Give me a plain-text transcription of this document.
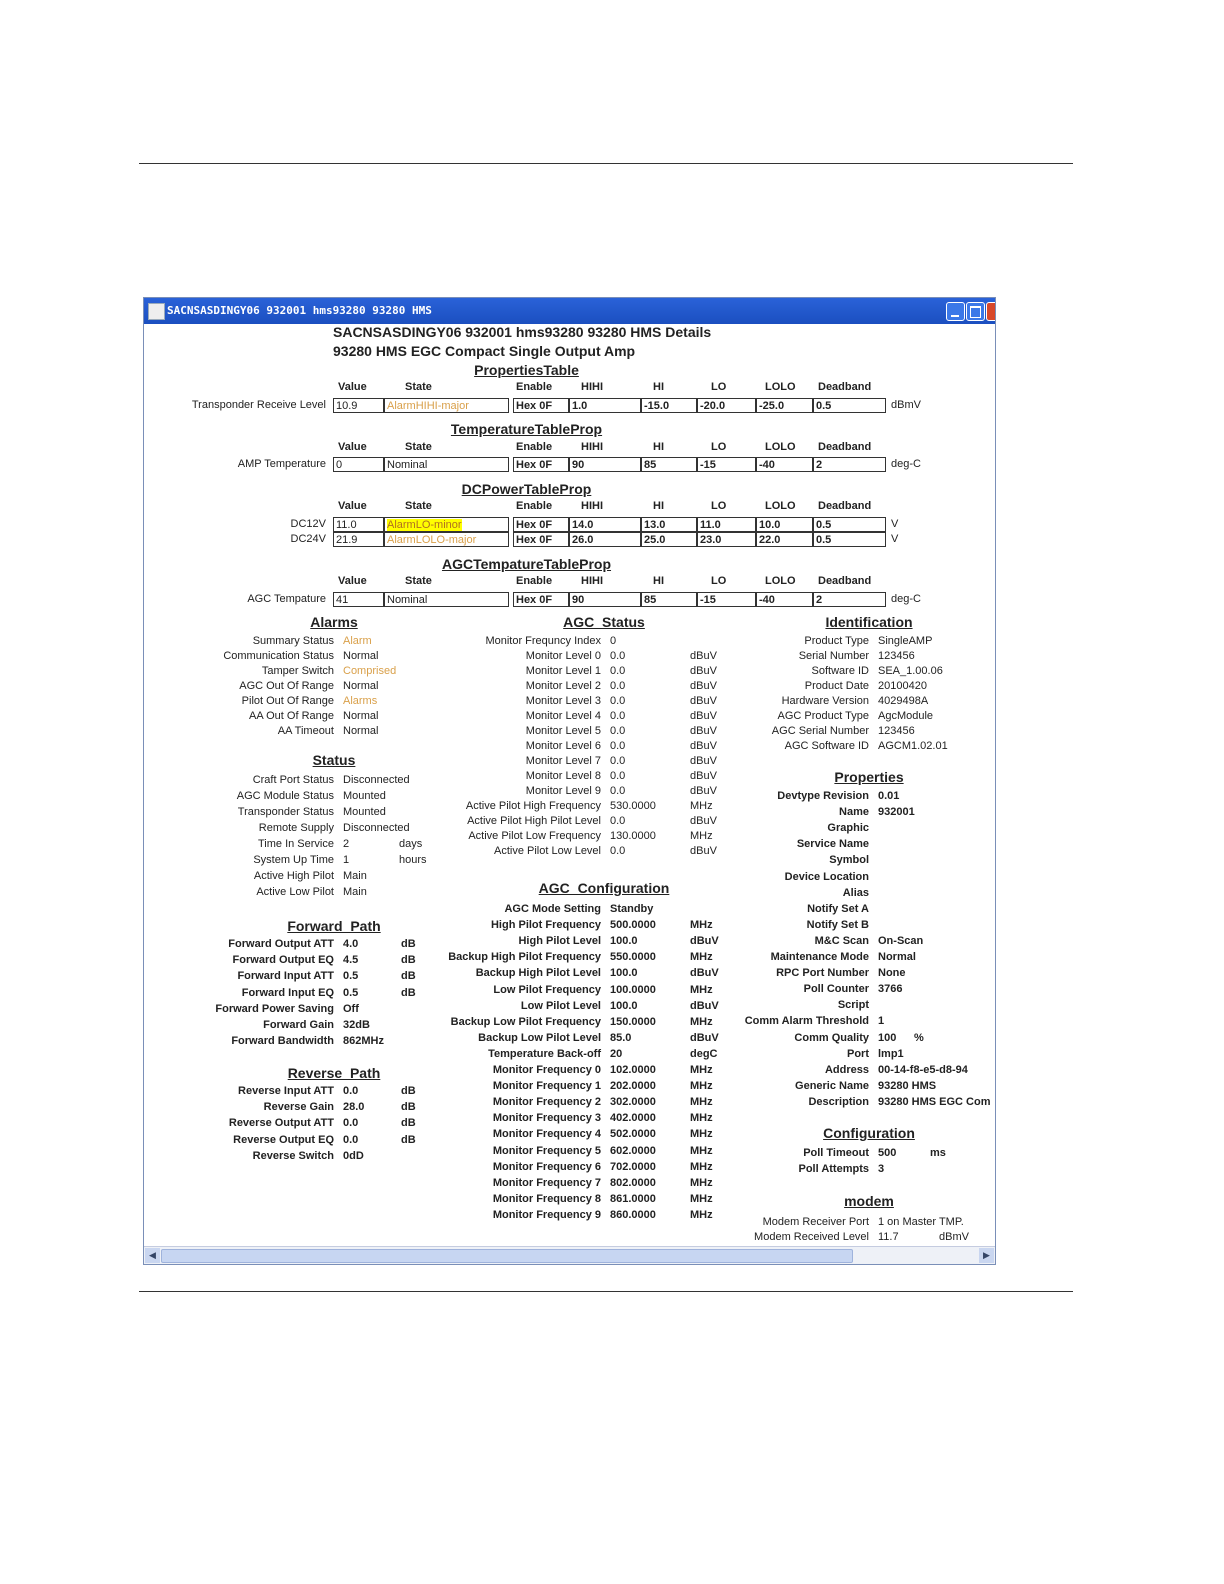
SACNSASDINGY06 932001 hms93280 93280 HMS
SACNSASDINGY06 932001 hms93280 93280 HMS Details
93280 HMS EGC Compact Single Output Amp
PropertiesTable
Value	State	Enable	HIHI	HI	LO	LOLO Deadband
Transponder Receive Level 10.9	AlarmHIHI-major	Hex 0F	1.0	-15.0	-20.0	-25.0	0.5	dBmV
TemperatureTableProp
Value	State	Enable	HIHI	HI	LO	LOLO Deadband
AMP Temperature 0	Nominal	Hex 0F	90	85	-15	-40	2	deg-C
DCPowerTableProp
Value	State	Enable	HIHI	HI	LO	LOLO Deadband
DC12V 11.0	AlarmLO-minor	Hex 0F	14.0	13.0	11.0	10.0	0.5	V
DC24V 21.9	AlarmLOLO-major	Hex 0F	26.0	25.0	23.0	22.0	0.5	V
AGCTempatureTableProp
Value	State	Enable	HIHI	HI	LO	LOLO Deadband
AGC Tempature 41	Nominal	Hex 0F	90	85	-15	-40	2	deg-C
Alarms
Summary Status Alarm
Communication Status Normal
Tamper Switch Comprised
AGC Out Of Range Normal
Pilot Out Of Range Alarms
AA Out Of Range Normal
AA Timeout Normal
Status
Craft Port Status Disconnected
AGC Module Status Mounted
Transponder Status Mounted
Remote Supply Disconnected
Time In Service 2	days
System Up Time 1	hours
Active High Pilot Main
Active Low Pilot Main
Forward_Path
Forward Output ATT 4.0	dB
Forward Output EQ 4.5	dB
Forward Input ATT 0.5	dB
Forward Input EQ 0.5	dB
Forward Power Saving Off
Forward Gain 32dB
Forward Bandwidth 862MHz
Reverse_Path
Reverse Input ATT 0.0	dB
Reverse Gain 28.0	dB
Reverse Output ATT 0.0	dB
Reverse Output EQ 0.0	dB
Reverse Switch 0dD
AGC_Status
Monitor Frequncy Index 0
Monitor Level 0 0.0	dBuV
Monitor Level 1 0.0	dBuV
Monitor Level 2 0.0	dBuV
Monitor Level 3 0.0	dBuV
Monitor Level 4 0.0	dBuV
Monitor Level 5 0.0	dBuV
Monitor Level 6 0.0	dBuV
Monitor Level 7 0.0	dBuV
Monitor Level 8 0.0	dBuV
Monitor Level 9 0.0	dBuV
Active Pilot High Frequency 530.0000	MHz
Active Pilot High Pilot Level 0.0	dBuV
Active Pilot Low Frequency 130.0000	MHz
Active Pilot Low Level 0.0	dBuV
AGC_Configuration
AGC Mode Setting Standby
High Pilot Frequency 500.0000	MHz
High Pilot Level 100.0	dBuV
Backup High Pilot Frequency 550.0000	MHz
Backup High Pilot Level 100.0	dBuV
Low Pilot Frequency 100.0000	MHz
Low Pilot Level 100.0	dBuV
Backup Low Pilot Frequency 150.0000	MHz
Backup Low Pilot Level 85.0	dBuV
Temperature Back-off 20	degC
Monitor Frequency 0 102.0000	MHz
Monitor Frequency 1 202.0000	MHz
Monitor Frequency 2 302.0000	MHz
Monitor Frequency 3 402.0000	MHz
Monitor Frequency 4 502.0000	MHz
Monitor Frequency 5 602.0000	MHz
Monitor Frequency 6 702.0000	MHz
Monitor Frequency 7 802.0000	MHz
Monitor Frequency 8 861.0000	MHz
Monitor Frequency 9 860.0000	MHz
Identification
Product Type SingleAMP
Serial Number 123456
Software ID SEA_1.00.06
Product Date 20100420
Hardware Version 4029498A
AGC Product Type AgcModule
AGC Serial Number 123456
AGC Software ID AGCM1.02.01
Properties
Devtype Revision 0.01
Name 932001
Graphic
Service Name
Symbol
Device Location
Alias
Notify Set A
Notify Set B
M&C Scan On-Scan
Maintenance Mode Normal
RPC Port Number None
Poll Counter 3766
Script
Comm Alarm Threshold 1
Comm Quality 100 %
Port lmp1
Address 00-14-f8-e5-d8-94
Generic Name 93280 HMS
Description 93280 HMS EGC Com
Configuration
Poll Timeout 500	ms
Poll Attempts 3
modem
Modem Receiver Port 1 on Master TMP.
Modem Received Level 11.7	dBmV
◀	▶
